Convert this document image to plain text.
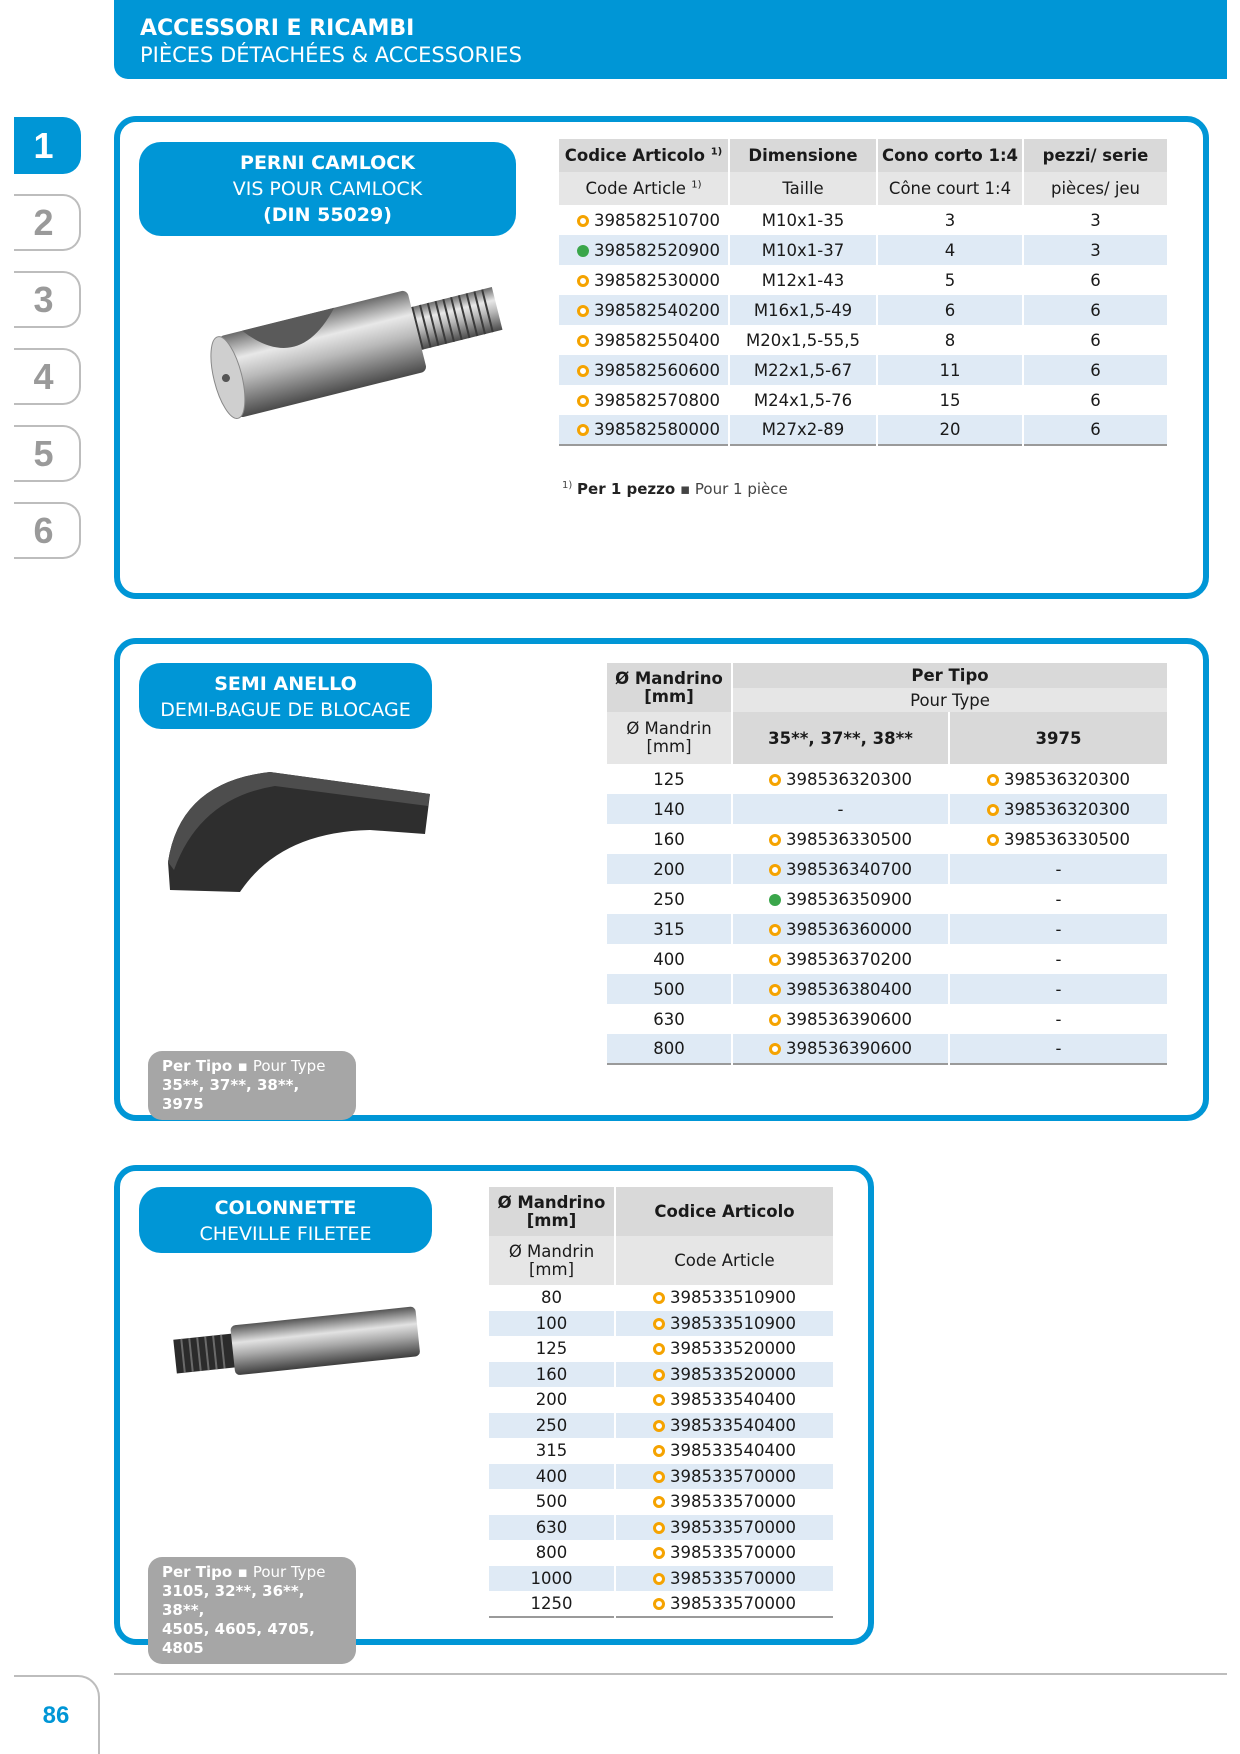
ACCESSORI E RICAMBI
PIÈCES DÉTACHÉES & ACCESSORIES
1
2
3
4
5
6
PERNI CAMLOCK
VIS POUR CAMLOCK
(DIN 55029)
Codice Articolo $^{1)}$	Dimensione	Cono corto 1:4	pezzi/ serie
Code Article $^{1)}$	Taille	Cône court 1:4	pièces/ jeu
398582510700	M10x1-35	3	3
398582520900	M10x1-37	4	3
398582530000	M12x1-43	5	6
398582540200	M16x1,5-49	6	6
398582550400	M20x1,5-55,5	8	6
398582560600	M22x1,5-67	11	6
398582570800	M24x1,5-76	15	6
398582580000	M27x2-89	20	6
$^{1)}$ Per 1 pezzo ▪ Pour 1 pièce
SEMI ANELLO
DEMI-BAGUE DE BLOCAGE
Per Tipo ▪ Pour Type
35**, 37**, 38**, 3975
Ø Mandrino [mm]	Per Tipo	
	Pour Type	
Ø Mandrin [mm]	35**, 37**, 38**	3975
125	398536320300	398536320300
140	-	398536320300
160	398536330500	398536330500
200	398536340700	-
250	398536350900	-
315	398536360000	-
400	398536370200	-
500	398536380400	-
630	398536390600	-
800	398536390600	-
COLONNETTE
CHEVILLE FILETEE
Per Tipo ▪ Pour Type
3105, 32**, 36**, 38**,
4505, 4605, 4705, 4805
Ø Mandrino [mm]	Codice Articolo
Ø Mandrin [mm]	Code Article
80	398533510900
100	398533510900
125	398533520000
160	398533520000
200	398533540400
250	398533540400
315	398533540400
400	398533570000
500	398533570000
630	398533570000
800	398533570000
1000	398533570000
1250	398533570000
86
